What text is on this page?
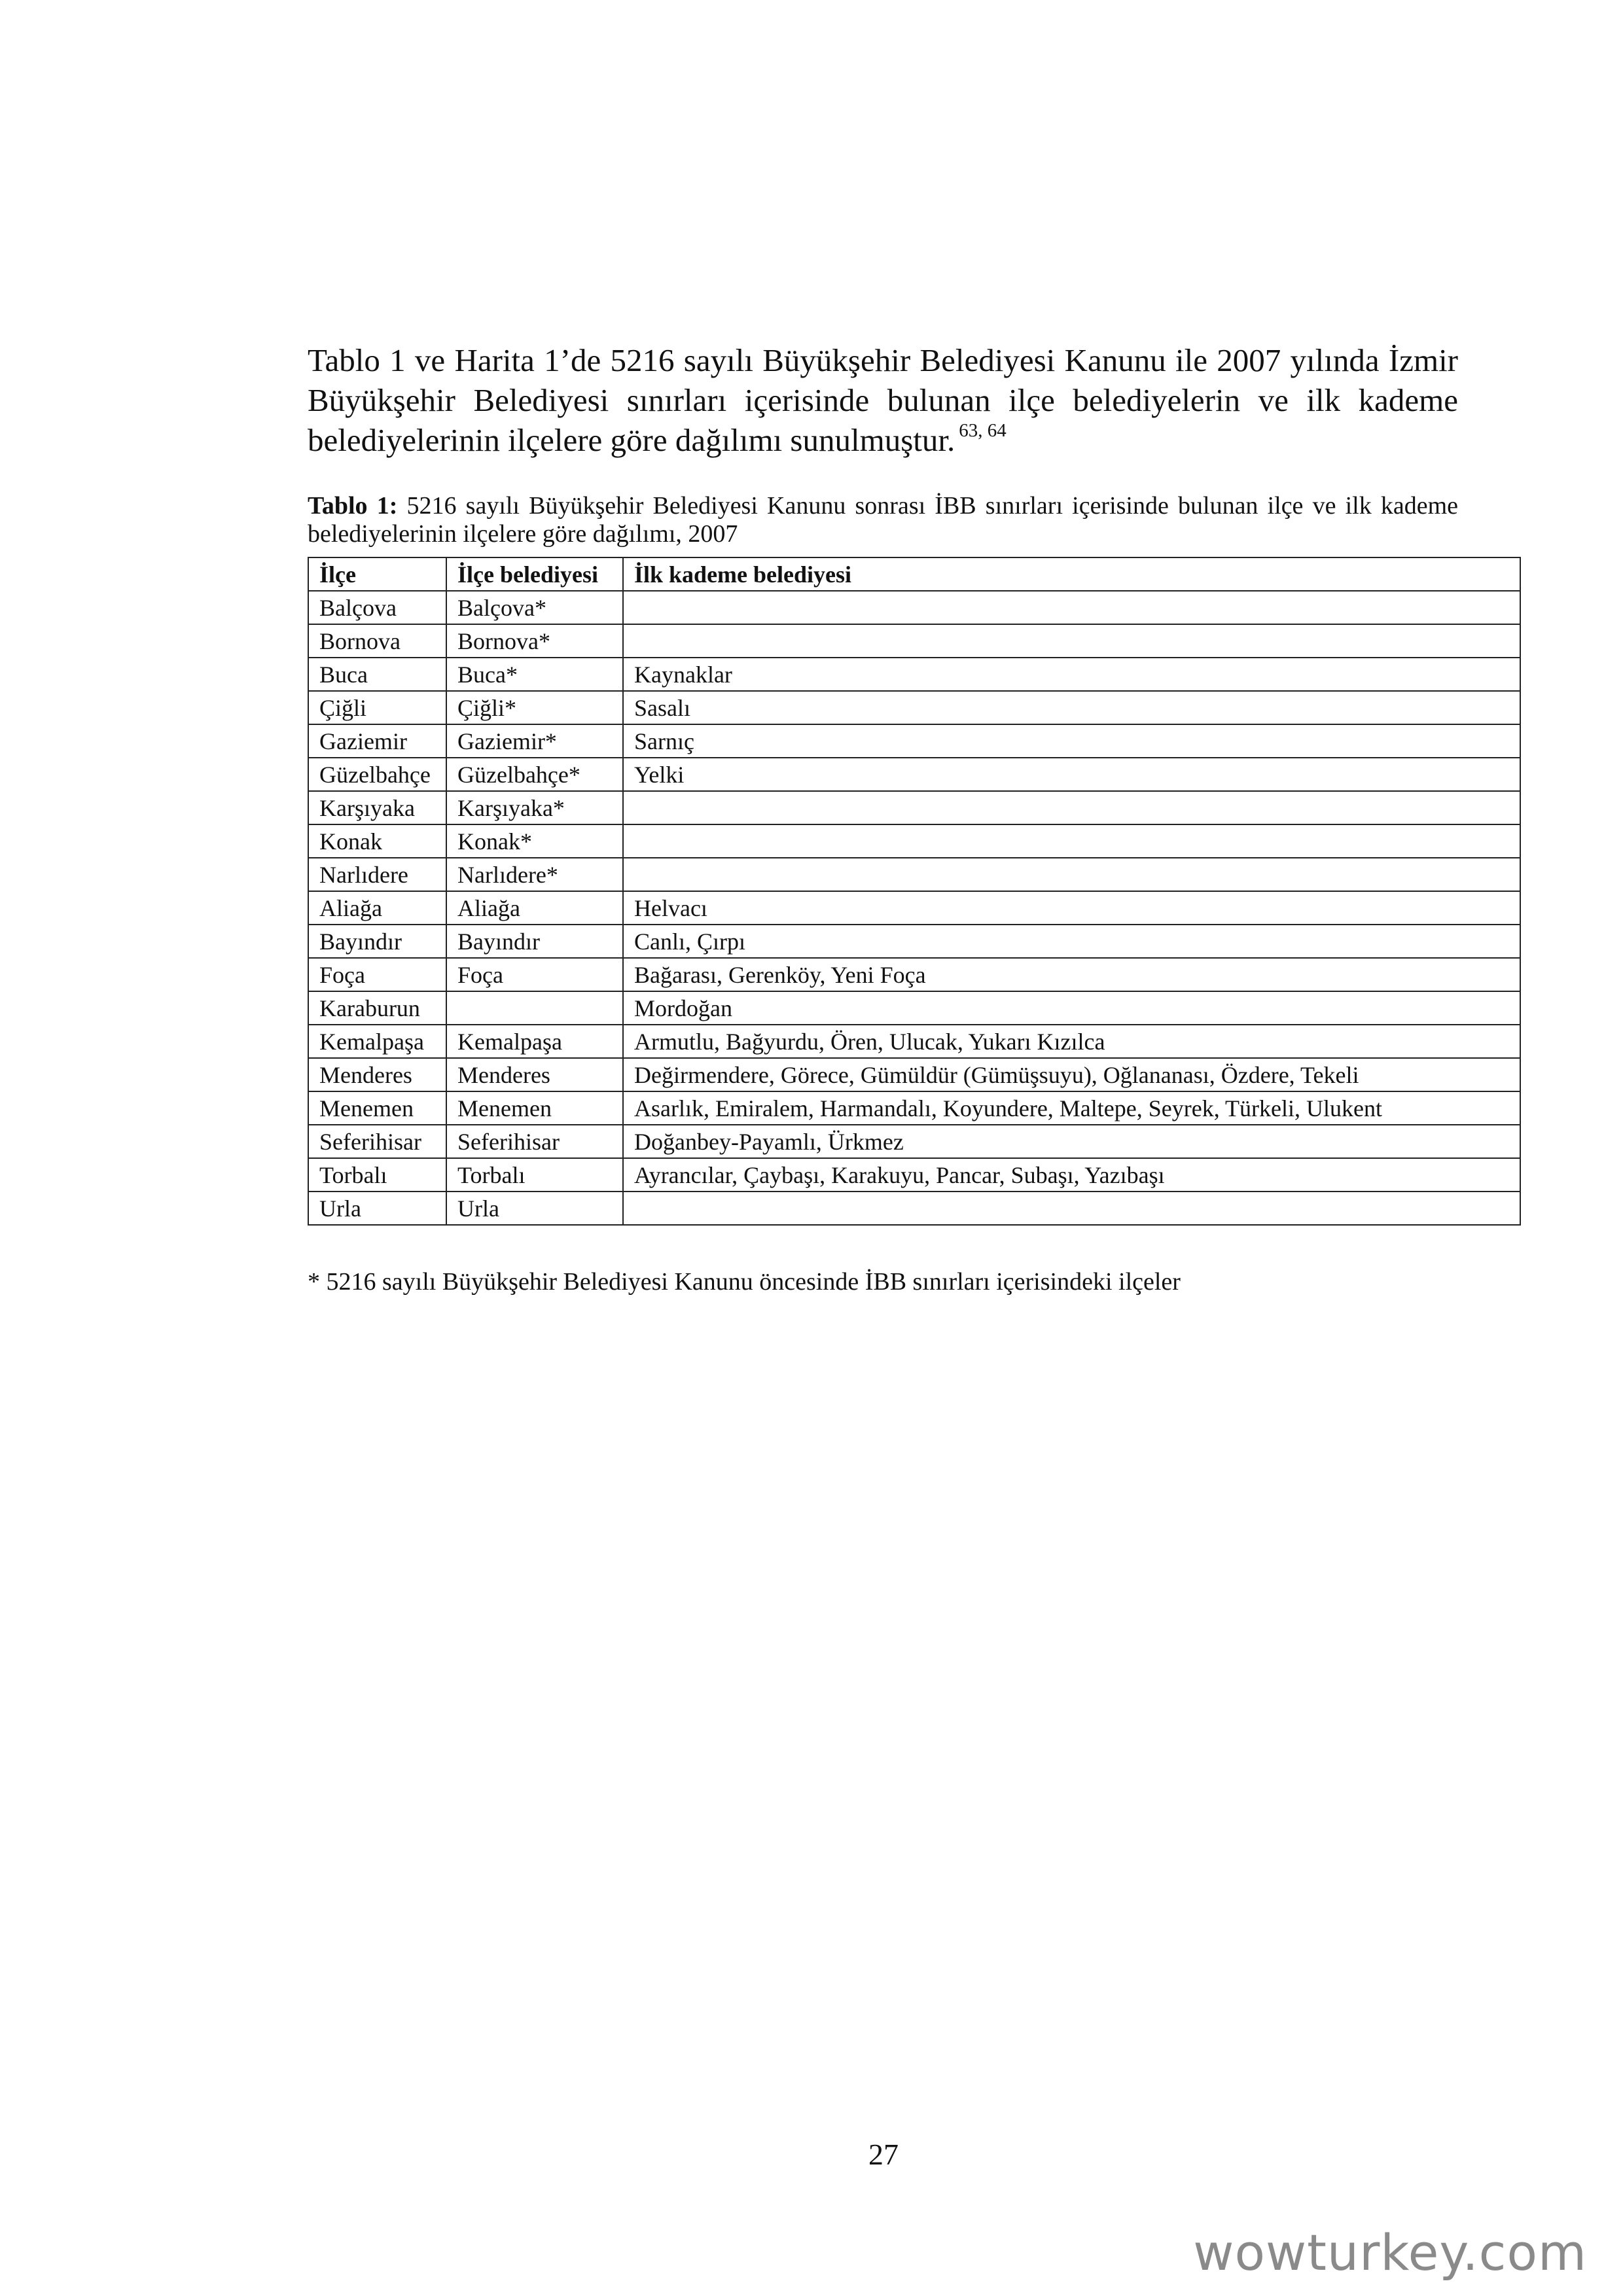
Tablo 1 ve Harita 1’de 5216 sayılı Büyükşehir Belediyesi Kanunu ile 2007 yılında İzmir Büyükşehir Belediyesi sınırları içerisinde bulunan ilçe belediyelerin ve ilk kademe belediyelerinin ilçelere göre dağılımı sunulmuştur. $^{63, 64}$

Tablo 1: 5216 sayılı Büyükşehir Belediyesi Kanunu sonrası İBB sınırları içerisinde bulunan ilçe ve ilk kademe belediyelerinin ilçelere göre dağılımı, 2007

İlçe	İlçe belediyesi	İlk kademe belediyesi
Balçova	Balçova*	
Bornova	Bornova*	
Buca	Buca*	Kaynaklar
Çiğli	Çiğli*	Sasalı
Gaziemir	Gaziemir*	Sarnıç
Güzelbahçe	Güzelbahçe*	Yelki
Karşıyaka	Karşıyaka*	
Konak	Konak*	
Narlıdere	Narlıdere*	
Aliağa	Aliağa	Helvacı
Bayındır	Bayındır	Canlı, Çırpı
Foça	Foça	Bağarası, Gerenköy, Yeni Foça
Karaburun		Mordoğan
Kemalpaşa	Kemalpaşa	Armutlu, Bağyurdu, Ören, Ulucak, Yukarı Kızılca
Menderes	Menderes	Değirmendere, Görece, Gümüldür (Gümüşsuyu), Oğlananası, Özdere, Tekeli
Menemen	Menemen	Asarlık, Emiralem, Harmandalı, Koyundere, Maltepe, Seyrek, Türkeli, Ulukent
Seferihisar	Seferihisar	Doğanbey-Payamlı, Ürkmez
Torbalı	Torbalı	Ayrancılar, Çaybaşı, Karakuyu, Pancar, Subaşı, Yazıbaşı
Urla	Urla	

* 5216 sayılı Büyükşehir Belediyesi Kanunu öncesinde İBB sınırları içerisindeki ilçeler

27

wowturkey.com
